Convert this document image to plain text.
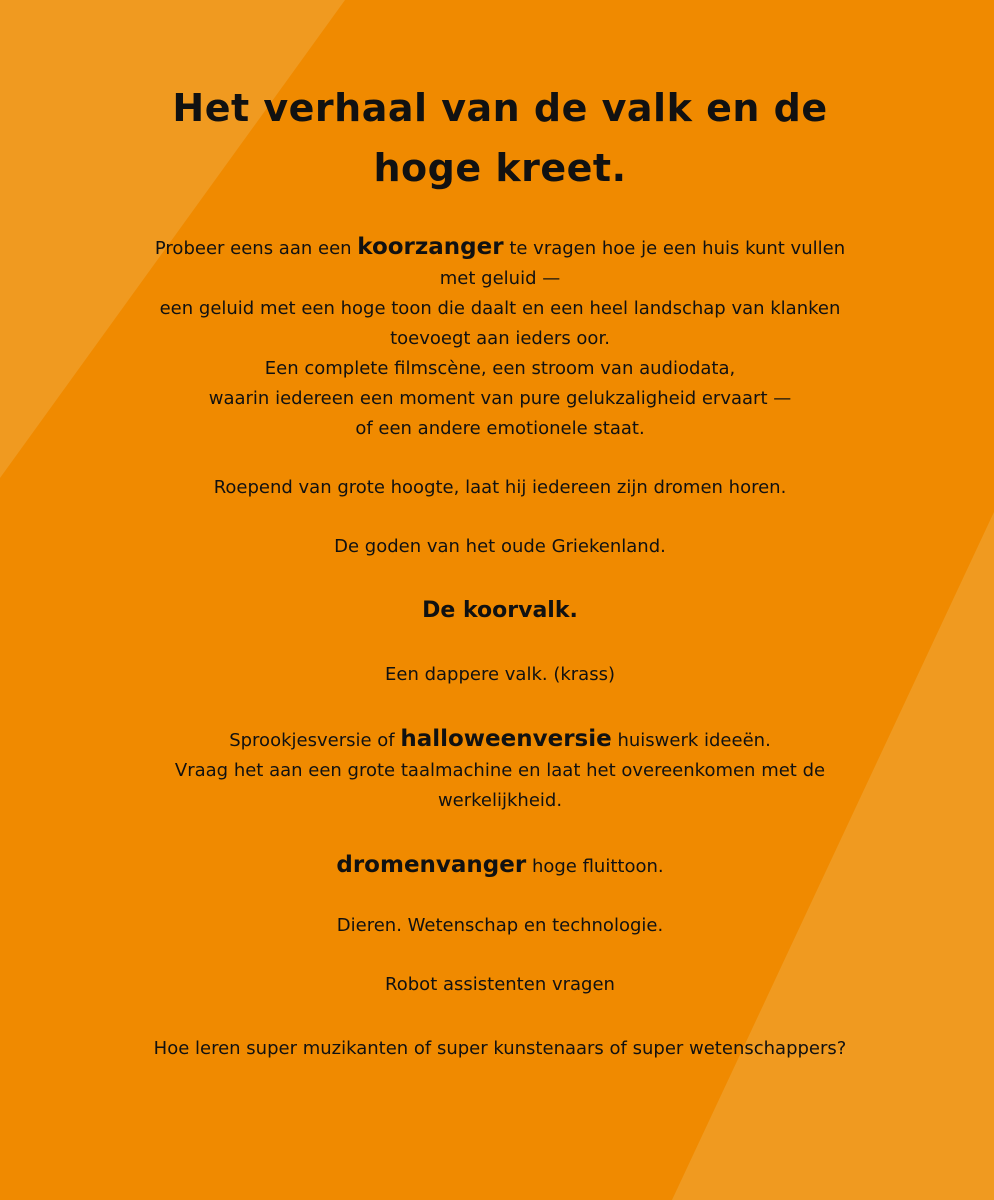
Het verhaal van de valk en de hoge kreet.

Probeer eens aan een koorzanger te vragen hoe je een huis kunt vullen met geluid —
een geluid met een hoge toon die daalt en een heel landschap van klanken toevoegt aan ieders oor.
Een complete filmscène, een stroom van audiodata,
waarin iedereen een moment van pure gelukzaligheid ervaart —
of een andere emotionele staat.

Roepend van grote hoogte, laat hij iedereen zijn dromen horen.

De goden van het oude Griekenland.

De koorvalk.

Een dappere valk. (krass)

Sprookjesversie of halloweenversie huiswerk ideeën.
Vraag het aan een grote taalmachine en laat het overeenkomen met de werkelijkheid.

dromenvanger hoge fluittoon.

Dieren. Wetenschap en technologie.

Robot assistenten vragen

Hoe leren super muzikanten of super kunstenaars of super wetenschappers?
